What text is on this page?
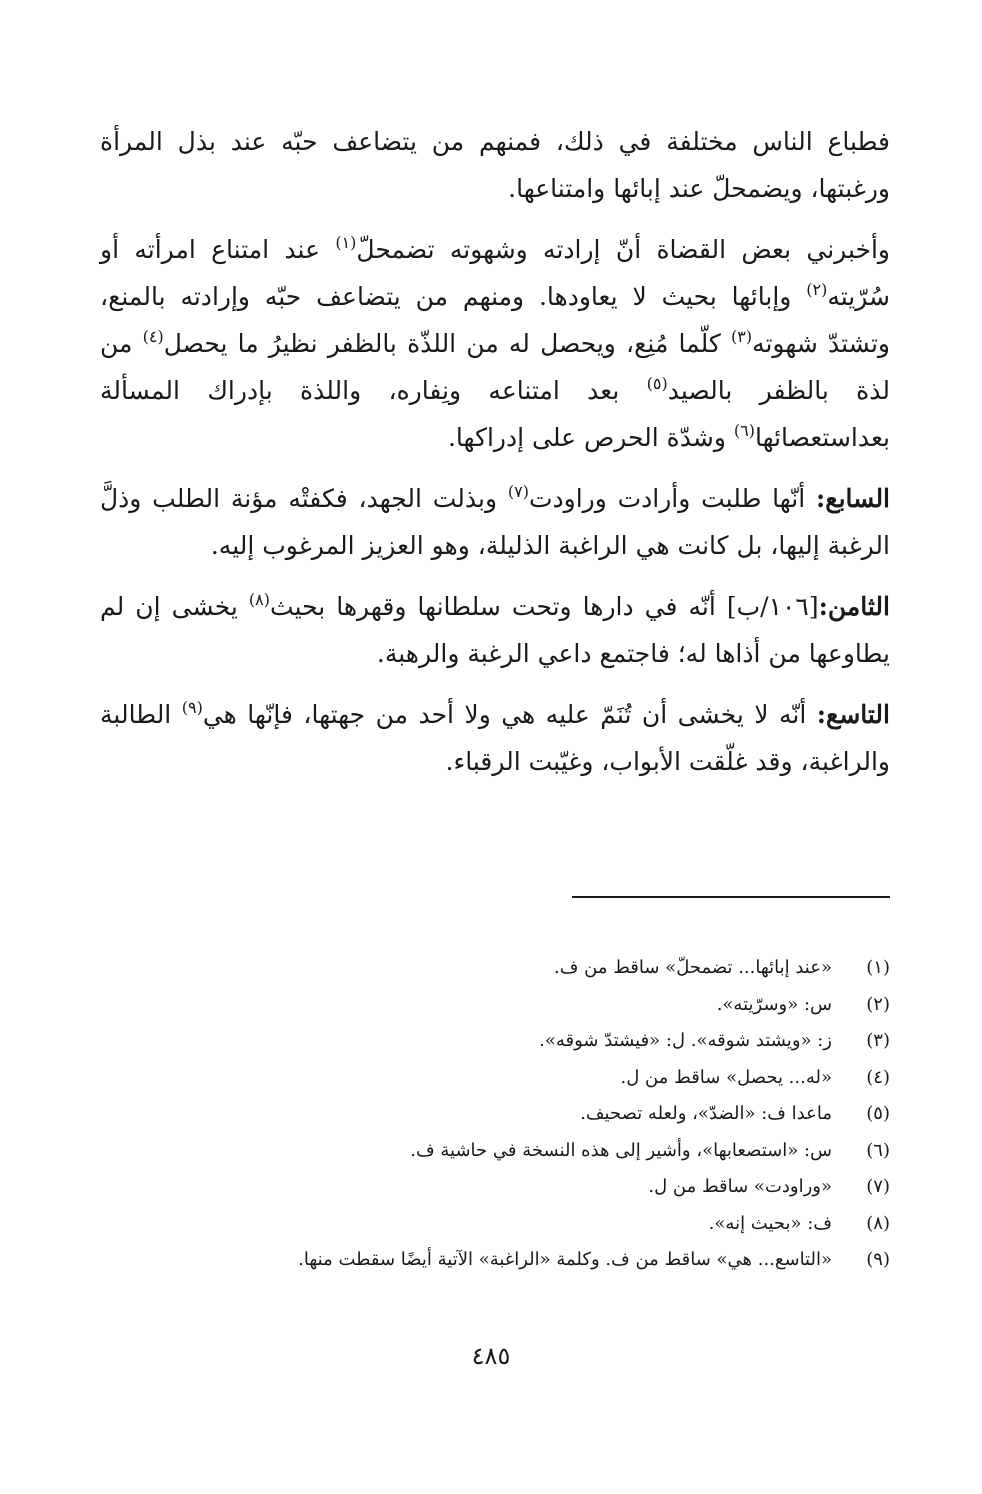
فطباع الناس مختلفة في ذلك، فمنهم من يتضاعف حبّه عند بذل المرأة ورغبتها، ويضمحلّ عند إبائها وامتناعها.

وأخبرني بعض القضاة أنّ إرادته وشهوته تضمحلّ$^{(١)}$ عند امتناع امرأته أو سُرّيته$^{(٢)}$ وإبائها بحيث لا يعاودها. ومنهم من يتضاعف حبّه وإرادته بالمنع، وتشتدّ شهوته$^{(٣)}$ كلّما مُنِع، ويحصل له من اللذّة بالظفر نظيرُ ما يحصل$^{(٤)}$ من لذة بالظفر بالصيد$^{(٥)}$ بعد امتناعه ونِفاره، واللذة بإدراك المسألة بعداستعصائها$^{(٦)}$ وشدّة الحرص على إدراكها.

السابع: أنّها طلبت وأرادت وراودت$^{(٧)}$ وبذلت الجهد، فكفتْه مؤنة الطلب وذلَّ الرغبة إليها، بل كانت هي الراغبة الذليلة، وهو العزيز المرغوب إليه.

الثامن:[١٠٦/ب] أنّه في دارها وتحت سلطانها وقهرها بحيث$^{(٨)}$ يخشى إن لم يطاوعها من أذاها له؛ فاجتمع داعي الرغبة والرهبة.

التاسع: أنّه لا يخشى أن تُنَمّ عليه هي ولا أحد من جهتها، فإنّها هي$^{(٩)}$ الطالبة والراغبة، وقد غلّقت الأبواب، وغيّبت الرقباء.

(١)«عند إبائها... تضمحلّ» ساقط من ف.
(٢)س: «وسرّيته».
(٣)ز: «ويشتد شوقه». ل: «فيشتدّ شوقه».
(٤)«له... يحصل» ساقط من ل.
(٥)ماعدا ف: «الضدّ»، ولعله تصحيف.
(٦)س: «استصعابها»، وأشير إلى هذه النسخة في حاشية ف.
(٧)«وراودت» ساقط من ل.
(٨)ف: «بحيث إنه».
(٩)«التاسع... هي» ساقط من ف. وكلمة «الراغبة» الآتية أيضًا سقطت منها.
٤٨٥
